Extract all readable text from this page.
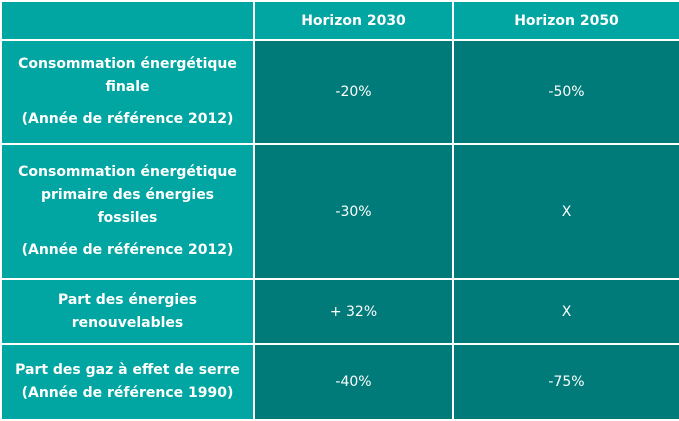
	Horizon 2030	Horizon 2050

Consommation énergétique
finale
(Année de référence 2012)	-20%	-50%

Consommation énergétique
primaire des énergies
fossiles
(Année de référence 2012)	-30%	X

Part des énergies
renouvelables	+ 32%	X

Part des gaz à effet de serre
(Année de référence 1990)	-40%	-75%
